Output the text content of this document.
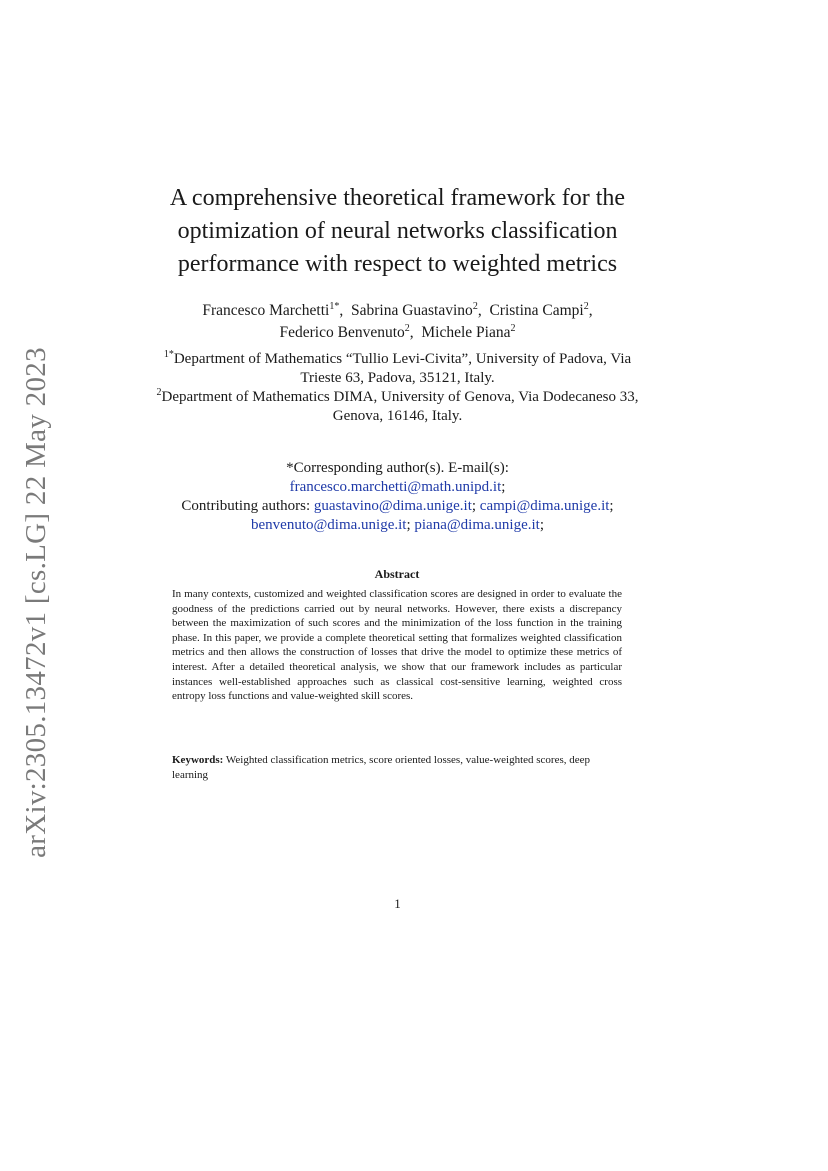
arXiv:2305.13472v1 [cs.LG] 22 May 2023
A comprehensive theoretical framework for the optimization of neural networks classification performance with respect to weighted metrics
Francesco Marchetti$^{1*}$, Sabrina Guastavino$^2$, Cristina Campi$^2$,
Federico Benvenuto$^2$, Michele Piana$^2$

$^{1*}$Department of Mathematics “Tullio Levi-Civita”, University of Padova, Via Trieste 63, Padova, 35121, Italy.

$^2$Department of Mathematics DIMA, University of Genova, Via Dodecaneso 33, Genova, 16146, Italy.

*Corresponding author(s). E-mail(s):
francesco.marchetti@math.unipd.it;
Contributing authors: guastavino@dima.unige.it; campi@dima.unige.it;
benvenuto@dima.unige.it; piana@dima.unige.it;
Abstract

In many contexts, customized and weighted classification scores are designed in order to evaluate the goodness of the predictions carried out by neural networks. However, there exists a discrepancy between the maximization of such scores and the minimization of the loss function in the training phase. In this paper, we provide a complete theoretical setting that formalizes weighted classification metrics and then allows the construction of losses that drive the model to optimize these metrics of interest. After a detailed theoretical analysis, we show that our framework includes as particular instances well-established approaches such as classical cost-sensitive learning, weighted cross entropy loss functions and value-weighted skill scores.

Keywords: Weighted classification metrics, score oriented losses, value-weighted scores, deep learning

1
